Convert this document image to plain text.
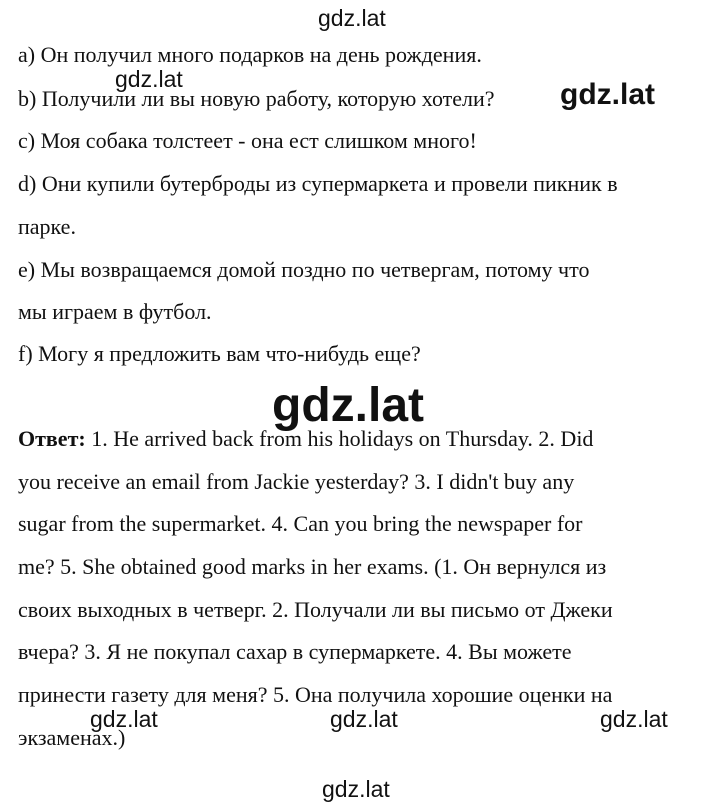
a) Он получил много подарков на день рождения.

b) Получили ли вы новую работу, которую хотели?

c) Моя собака толстеет - она ест слишком много!

d) Они купили бутерброды из супермаркета и провели пикник в

парке.

e) Мы возвращаемся домой поздно по четвергам, потому что

мы играем в футбол.

f) Могу я предложить вам что-нибудь еще?

Ответ: 1. He arrived back from his holidays on Thursday. 2. Did

you receive an email from Jackie yesterday? 3. I didn't buy any

sugar from the supermarket. 4. Can you bring the newspaper for

me? 5. She obtained good marks in her exams. (1. Он вернулся из

своих выходных в четверг. 2. Получали ли вы письмо от Джеки

вчера? 3. Я не покупал сахар в супермаркете. 4. Вы можете

принести газету для меня? 5. Она получила хорошие оценки на

экзаменах.)

gdz.lat

gdz.lat	gdz.lat

gdz.lat

gdz.lat	gdz.lat	gdz.lat

gdz.lat
